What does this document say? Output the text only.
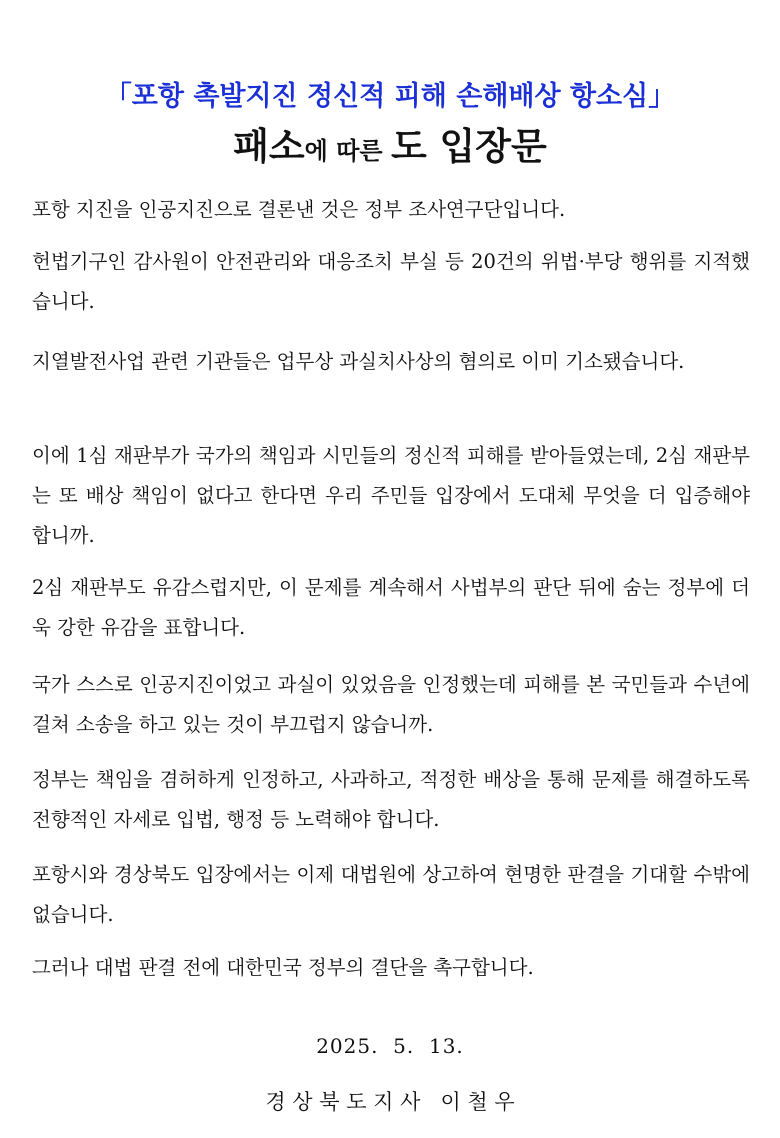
「포항 촉발지진 정신적 피해 손해배상 항소심」
패소에 따른 도 입장문
포항 지진을 인공지진으로 결론낸 것은 정부 조사연구단입니다.
헌법기구인 감사원이 안전관리와 대응조치 부실 등 20건의 위법·부당 행위를 지적했습니다.
지열발전사업 관련 기관들은 업무상 과실치사상의 혐의로 이미 기소됐습니다.
이에 1심 재판부가 국가의 책임과 시민들의 정신적 피해를 받아들였는데, 2심 재판부는 또 배상 책임이 없다고 한다면 우리 주민들 입장에서 도대체 무엇을 더 입증해야 합니까.
2심 재판부도 유감스럽지만, 이 문제를 계속해서 사법부의 판단 뒤에 숨는 정부에 더욱 강한 유감을 표합니다.
국가 스스로 인공지진이었고 과실이 있었음을 인정했는데 피해를 본 국민들과 수년에 걸쳐 소송을 하고 있는 것이 부끄럽지 않습니까.
정부는 책임을 겸허하게 인정하고, 사과하고, 적정한 배상을 통해 문제를 해결하도록 전향적인 자세로 입법, 행정 등 노력해야 합니다.
포항시와 경상북도 입장에서는 이제 대법원에 상고하여 현명한 판결을 기대할 수밖에 없습니다.
그러나 대법 판결 전에 대한민국 정부의 결단을 촉구합니다.
2025.  5.  13.
경 상 북 도 지 사   이 철 우
